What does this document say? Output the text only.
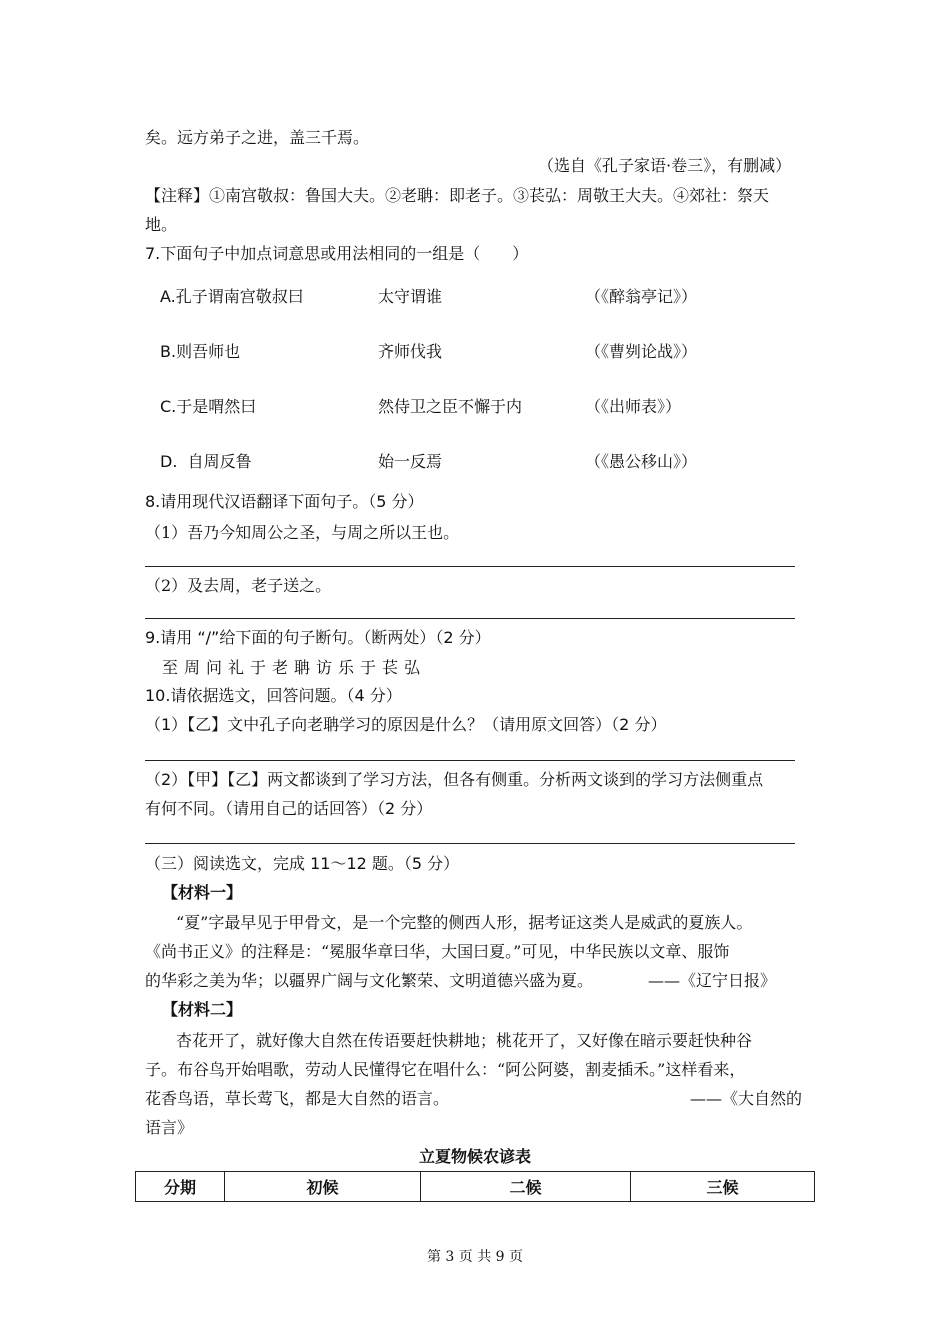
矣。远方弟子之进，盖三千焉。
（选自《孔子家语·卷三》，有删减）
【注释】①南宫敬叔：鲁国大夫。②老聃：即老子。③苌弘：周敬王大夫。④郊社：祭天
地。
7.下面句子中加点词意思或用法相同的一组是（　　）
A.孔子谓南宫敬叔曰	太守谓谁	（《醉翁亭记》）
B.则吾师也	齐师伐我	（《曹刿论战》）
C.于是喟然曰	然侍卫之臣不懈于内	（《出师表》）
D.  自周反鲁	始一反焉	（《愚公移山》）
8.请用现代汉语翻译下面句子。（5 分）
（1）吾乃今知周公之圣，与周之所以王也。
（2）及去周，老子送之。
9.请用 “/”给下面的句子断句。（断两处）（2 分）
至周问礼于老聃访乐于苌弘
10.请依据选文，回答问题。（4 分）
（1）【乙】文中孔子向老聃学习的原因是什么？（请用原文回答）（2 分）
（2）【甲】【乙】两文都谈到了学习方法，但各有侧重。分析两文谈到的学习方法侧重点
有何不同。（请用自己的话回答）（2 分）
（三）阅读选文，完成 11～12 题。（5 分）
【材料一】
“夏”字最早见于甲骨文，是一个完整的侧西人形，据考证这类人是威武的夏族人。
《尚书正义》的注释是：“冕服华章曰华，大国曰夏。”可见，中华民族以文章、服饰
的华彩之美为华；以疆界广阔与文化繁荣、文明道德兴盛为夏。	——《辽宁日报》
【材料二】
杏花开了，就好像大自然在传语要赶快耕地；桃花开了，又好像在暗示要赶快种谷
子。布谷鸟开始唱歌，劳动人民懂得它在唱什么：“阿公阿婆，割麦插禾。”这样看来，
花香鸟语，草长莺飞，都是大自然的语言。	——《大自然的
语言》
立夏物候农谚表
分期	初候	二候	三候
第 3 页 共 9 页
